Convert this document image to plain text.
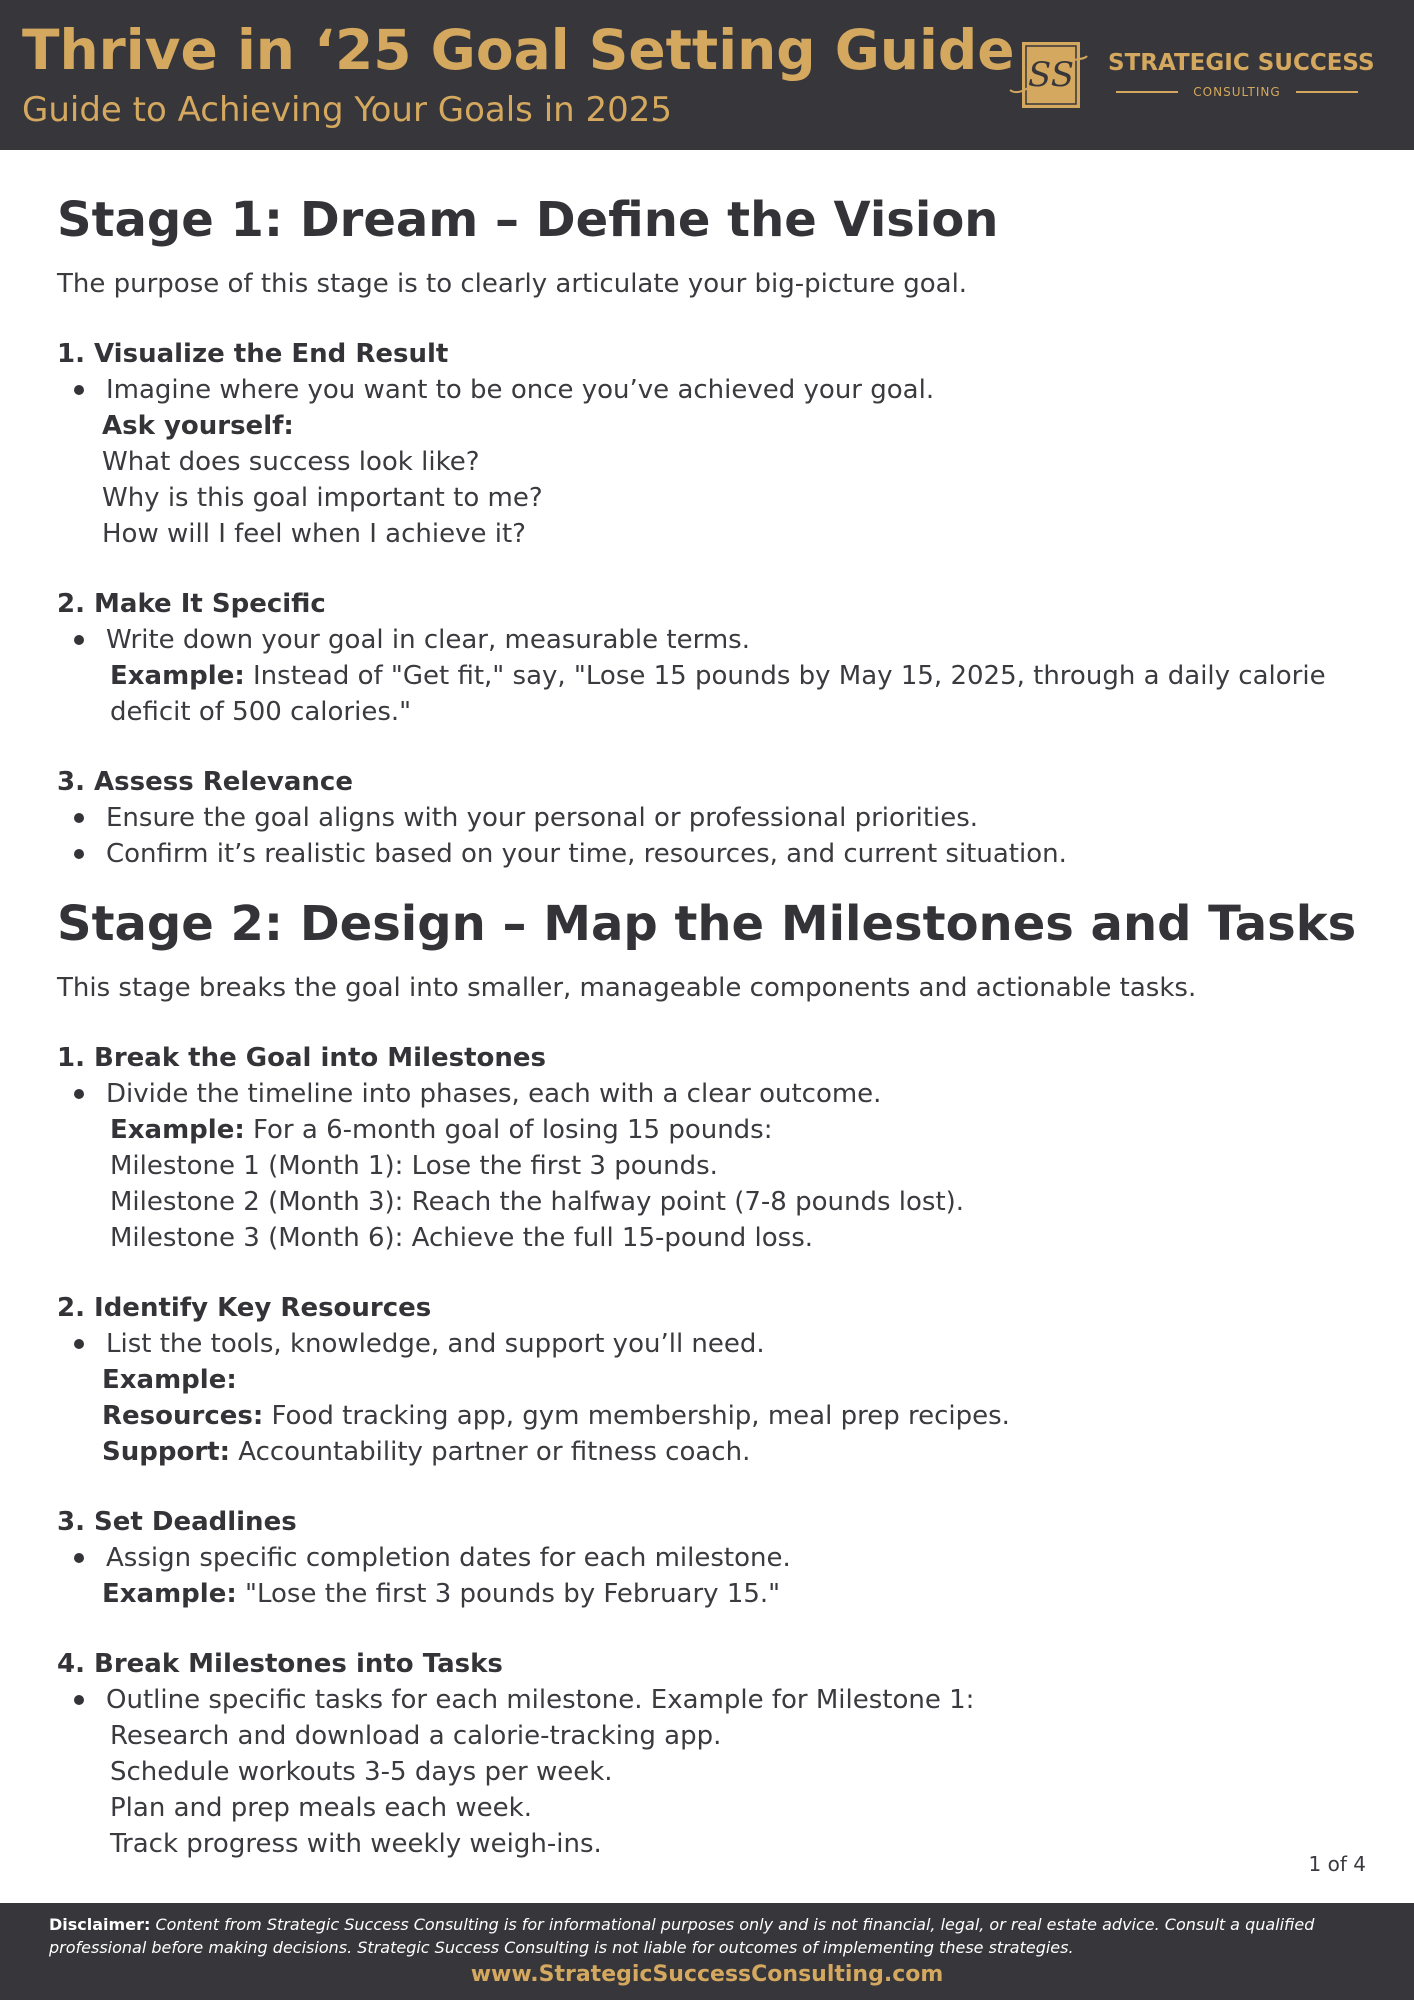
Thrive in ‘25 Goal Setting Guide
Guide to Achieving Your Goals in 2025
SS STRATEGIC SUCCESS
CONSULTING
Stage 1: Dream – Define the Vision
The purpose of this stage is to clearly articulate your big-picture goal.
1. Visualize the End Result
Imagine where you want to be once you’ve achieved your goal.
Ask yourself:
What does success look like?
Why is this goal important to me?
How will I feel when I achieve it?
2. Make It Specific
Write down your goal in clear, measurable terms.
Example: Instead of "Get fit," say, "Lose 15 pounds by May 15, 2025, through a daily calorie
deficit of 500 calories."
3. Assess Relevance
Ensure the goal aligns with your personal or professional priorities.
Confirm it’s realistic based on your time, resources, and current situation.
Stage 2: Design – Map the Milestones and Tasks
This stage breaks the goal into smaller, manageable components and actionable tasks.
1. Break the Goal into Milestones
Divide the timeline into phases, each with a clear outcome.
Example: For a 6-month goal of losing 15 pounds:
Milestone 1 (Month 1): Lose the first 3 pounds.
Milestone 2 (Month 3): Reach the halfway point (7-8 pounds lost).
Milestone 3 (Month 6): Achieve the full 15-pound loss.
2. Identify Key Resources
List the tools, knowledge, and support you’ll need.
Example:
Resources: Food tracking app, gym membership, meal prep recipes.
Support: Accountability partner or fitness coach.
3. Set Deadlines
Assign specific completion dates for each milestone.
Example: "Lose the first 3 pounds by February 15."
4. Break Milestones into Tasks
Outline specific tasks for each milestone. Example for Milestone 1:
Research and download a calorie-tracking app.
Schedule workouts 3-5 days per week.
Plan and prep meals each week.
Track progress with weekly weigh-ins.
1 of 4
Disclaimer: Content from Strategic Success Consulting is for informational purposes only and is not financial, legal, or real estate advice. Consult a qualified professional before making decisions. Strategic Success Consulting is not liable for outcomes of implementing these strategies.
www.StrategicSuccessConsulting.com
